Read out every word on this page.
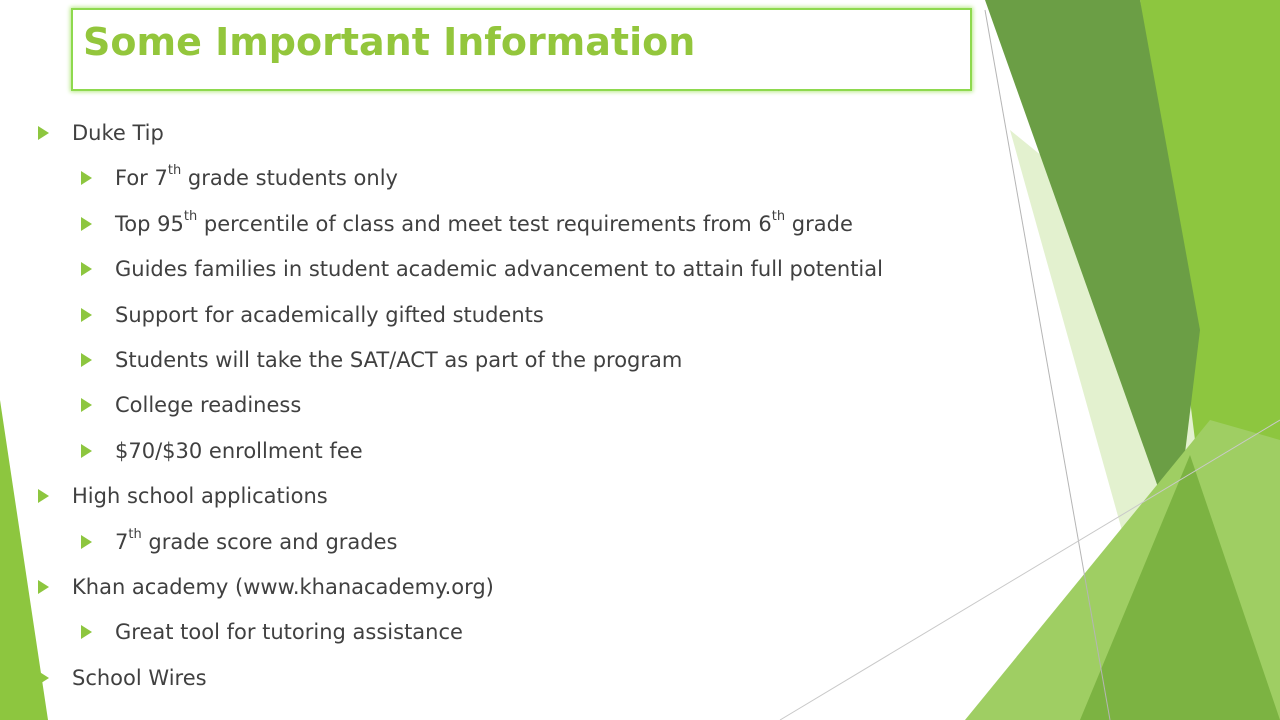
Some Important Information
Duke Tip
For 7th grade students only
Top 95th percentile of class and meet test requirements from 6th grade
Guides families in student academic advancement to attain full potential
Support for academically gifted students
Students will take the SAT/ACT as part of the program
College readiness
$70/$30 enrollment fee
High school applications
7th grade score and grades
Khan academy (www.khanacademy.org)
Great tool for tutoring assistance
School Wires
